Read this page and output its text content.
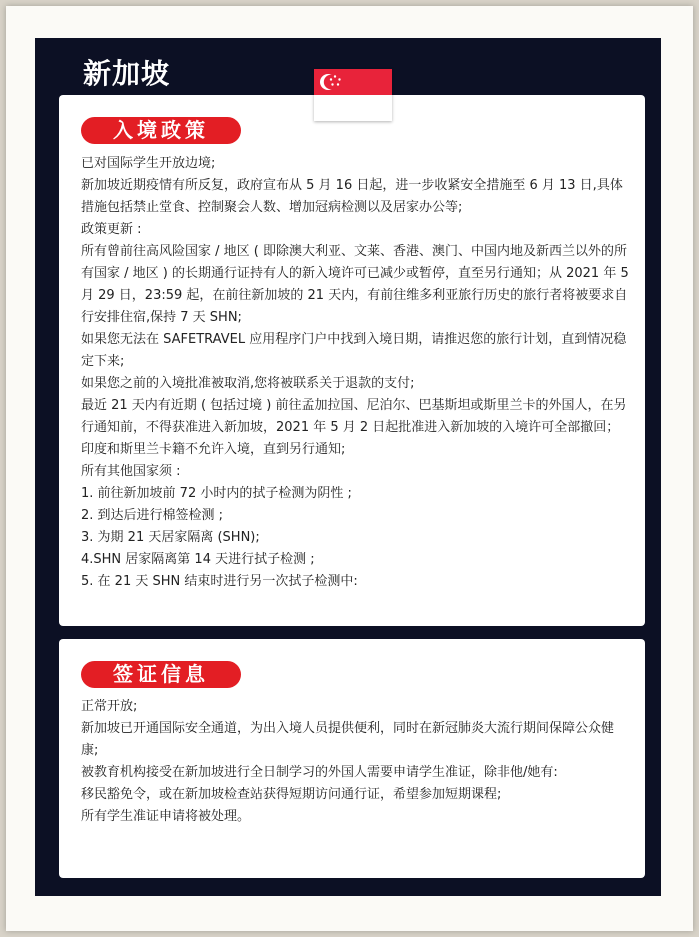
新加坡
入境政策

已对国际学生开放边境;

新加坡近期疫情有所反复，政府宣布从 5 月 16 日起，进一步收紧安全措施至 6 月 13 日,具体措施包括禁止堂食、控制聚会人数、增加冠病检测以及居家办公等;

政策更新 :

所有曾前往高风险国家 / 地区 ( 即除澳大利亚、文莱、香港、澳门、中国内地及新西兰以外的所有国家 / 地区 ) 的长期通行证持有人的新入境许可已减少或暂停，直至另行通知；从 2021 年 5 月 29 日，23:59 起，在前往新加坡的 21 天内，有前往维多利亚旅行历史的旅行者将被要求自行安排住宿,保持 7 天 SHN;

如果您无法在 SAFETRAVEL 应用程序门户中找到入境日期，请推迟您的旅行计划，直到情况稳定下来;

如果您之前的入境批准被取消,您将被联系关于退款的支付;

最近 21 天内有近期 ( 包括过境 ) 前往孟加拉国、尼泊尔、巴基斯坦或斯里兰卡的外国人，在另行通知前，不得获准进入新加坡，2021 年 5 月 2 日起批准进入新加坡的入境许可全部撤回；印度和斯里兰卡籍不允许入境，直到另行通知;

所有其他国家须 :

1. 前往新加坡前 72 小时内的拭子检测为阴性 ;

2. 到达后进行棉签检测 ;

3. 为期 21 天居家隔离 (SHN);

4.SHN 居家隔离第 14 天进行拭子检测 ;

5. 在 21 天 SHN 结束时进行另一次拭子检测中:

签证信息

正常开放;

新加坡已开通国际安全通道，为出入境人员提供便利，同时在新冠肺炎大流行期间保障公众健康;

被教育机构接受在新加坡进行全日制学习的外国人需要申请学生准证，除非他/她有:

移民豁免令，或在新加坡检查站获得短期访问通行证，希望参加短期课程;

所有学生准证申请将被处理。
